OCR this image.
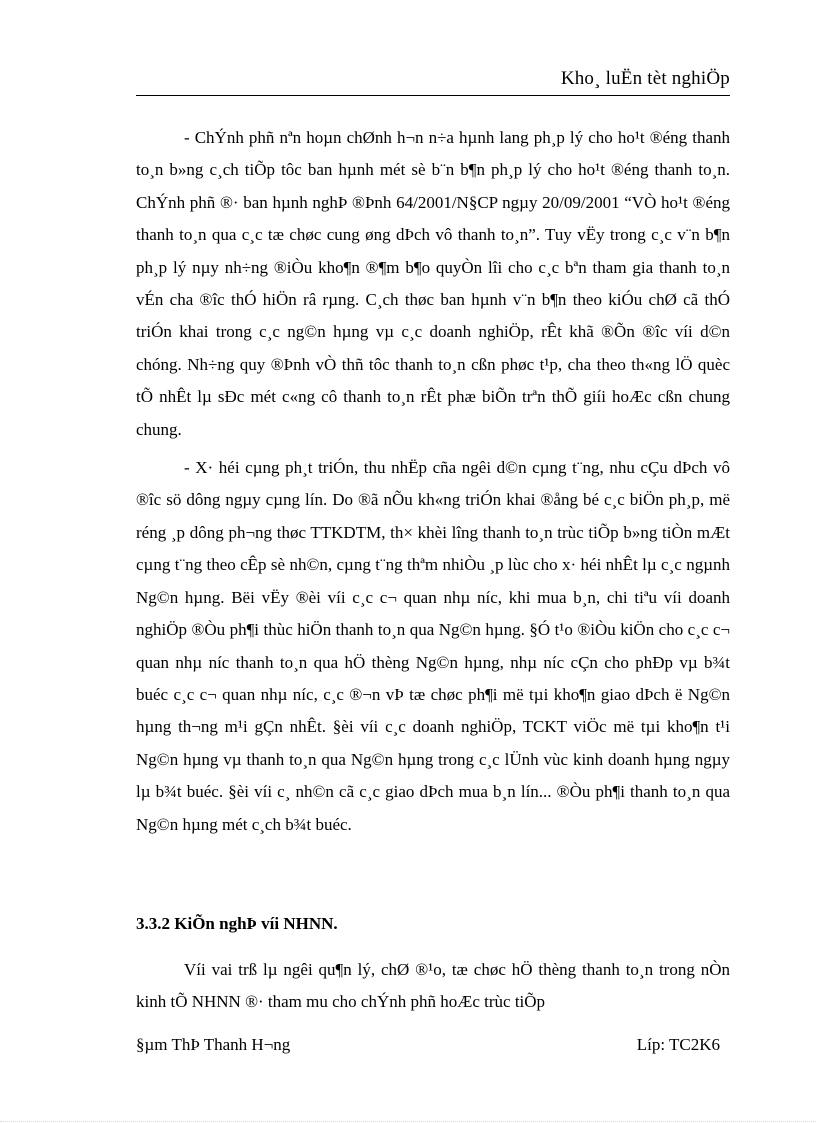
Kho¸ luËn tèt nghiÖp

- ChÝnh phñ nªn hoµn chØnh h¬n n÷a hµnh lang ph¸p lý cho ho¹t ®éng thanh to¸n b»ng c¸ch tiÕp tôc ban hµnh mét sè b¨n b¶n ph¸p lý cho ho¹t ®éng thanh to¸n. ChÝnh phñ ®· ban hµnh nghÞ ®Þnh 64/2001/N§CP ngµy 20/09/2001 “VÒ ho¹t ®éng thanh to¸n qua c¸c tæ chøc cung øng dÞch vô thanh to¸n”. Tuy vËy trong c¸c v¨n b¶n ph¸p lý nµy nh÷ng ®iÒu kho¶n ®¶m b¶o quyÒn lîi cho c¸c bªn tham gia thanh to¸n vÉn cha ®îc thÓ hiÖn râ rµng. C¸ch thøc ban hµnh v¨n b¶n theo kiÓu chØ cã thÓ triÓn khai trong c¸c ng©n hµng vµ c¸c doanh nghiÖp, rÊt khã ®Õn ®îc víi d©n chóng. Nh÷ng quy ®Þnh vÒ thñ tôc thanh to¸n cßn phøc t¹p, cha theo th«ng lÖ quèc tÕ nhÊt lµ sÐc mét c«ng cô thanh to¸n rÊt phæ biÕn trªn thÕ giíi hoÆc cßn chung chung.

- X· héi cµng ph¸t triÓn, thu nhËp cña ngêi d©n cµng t¨ng, nhu cÇu dÞch vô ®îc sö dông ngµy cµng lín. Do ®ã nÕu kh«ng triÓn khai ®ång bé c¸c biÖn ph¸p, më réng ¸p dông ph¬ng thøc TTKDTM, th× khèi lîng thanh to¸n trùc tiÕp b»ng tiÒn mÆt cµng t¨ng theo cÊp sè nh©n, cµng t¨ng thªm nhiÒu ¸p lùc cho x· héi nhÊt lµ c¸c ngµnh Ng©n hµng. Bëi vËy ®èi víi c¸c c¬ quan nhµ níc, khi mua b¸n, chi tiªu víi doanh nghiÖp ®Òu ph¶i thùc hiÖn thanh to¸n qua Ng©n hµng. §Ó t¹o ®iÒu kiÖn cho c¸c c¬ quan nhµ níc thanh to¸n qua hÖ thèng Ng©n hµng, nhµ níc cÇn cho phÐp vµ b¾t buéc c¸c c¬ quan nhµ níc, c¸c ®¬n vÞ tæ chøc ph¶i më tµi kho¶n giao dÞch ë Ng©n hµng th¬ng m¹i gÇn nhÊt. §èi víi c¸c doanh nghiÖp, TCKT viÖc më tµi kho¶n t¹i Ng©n hµng vµ thanh to¸n qua Ng©n hµng trong c¸c lÜnh vùc kinh doanh hµng ngµy lµ b¾t buéc. §èi víi c¸ nh©n cã c¸c giao dÞch mua b¸n lín... ®Òu ph¶i thanh to¸n qua Ng©n hµng mét c¸ch b¾t buéc.

3.3.2 KiÕn nghÞ víi NHNN.

Víi vai trß lµ ngêi qu¶n lý, chØ ®¹o, tæ chøc hÖ thèng thanh to¸n trong nÒn kinh tÕ NHNN ®· tham mu cho chÝnh phñ hoÆc trùc tiÕp

§µm ThÞ Thanh H¬ng	Líp: TC2K6
